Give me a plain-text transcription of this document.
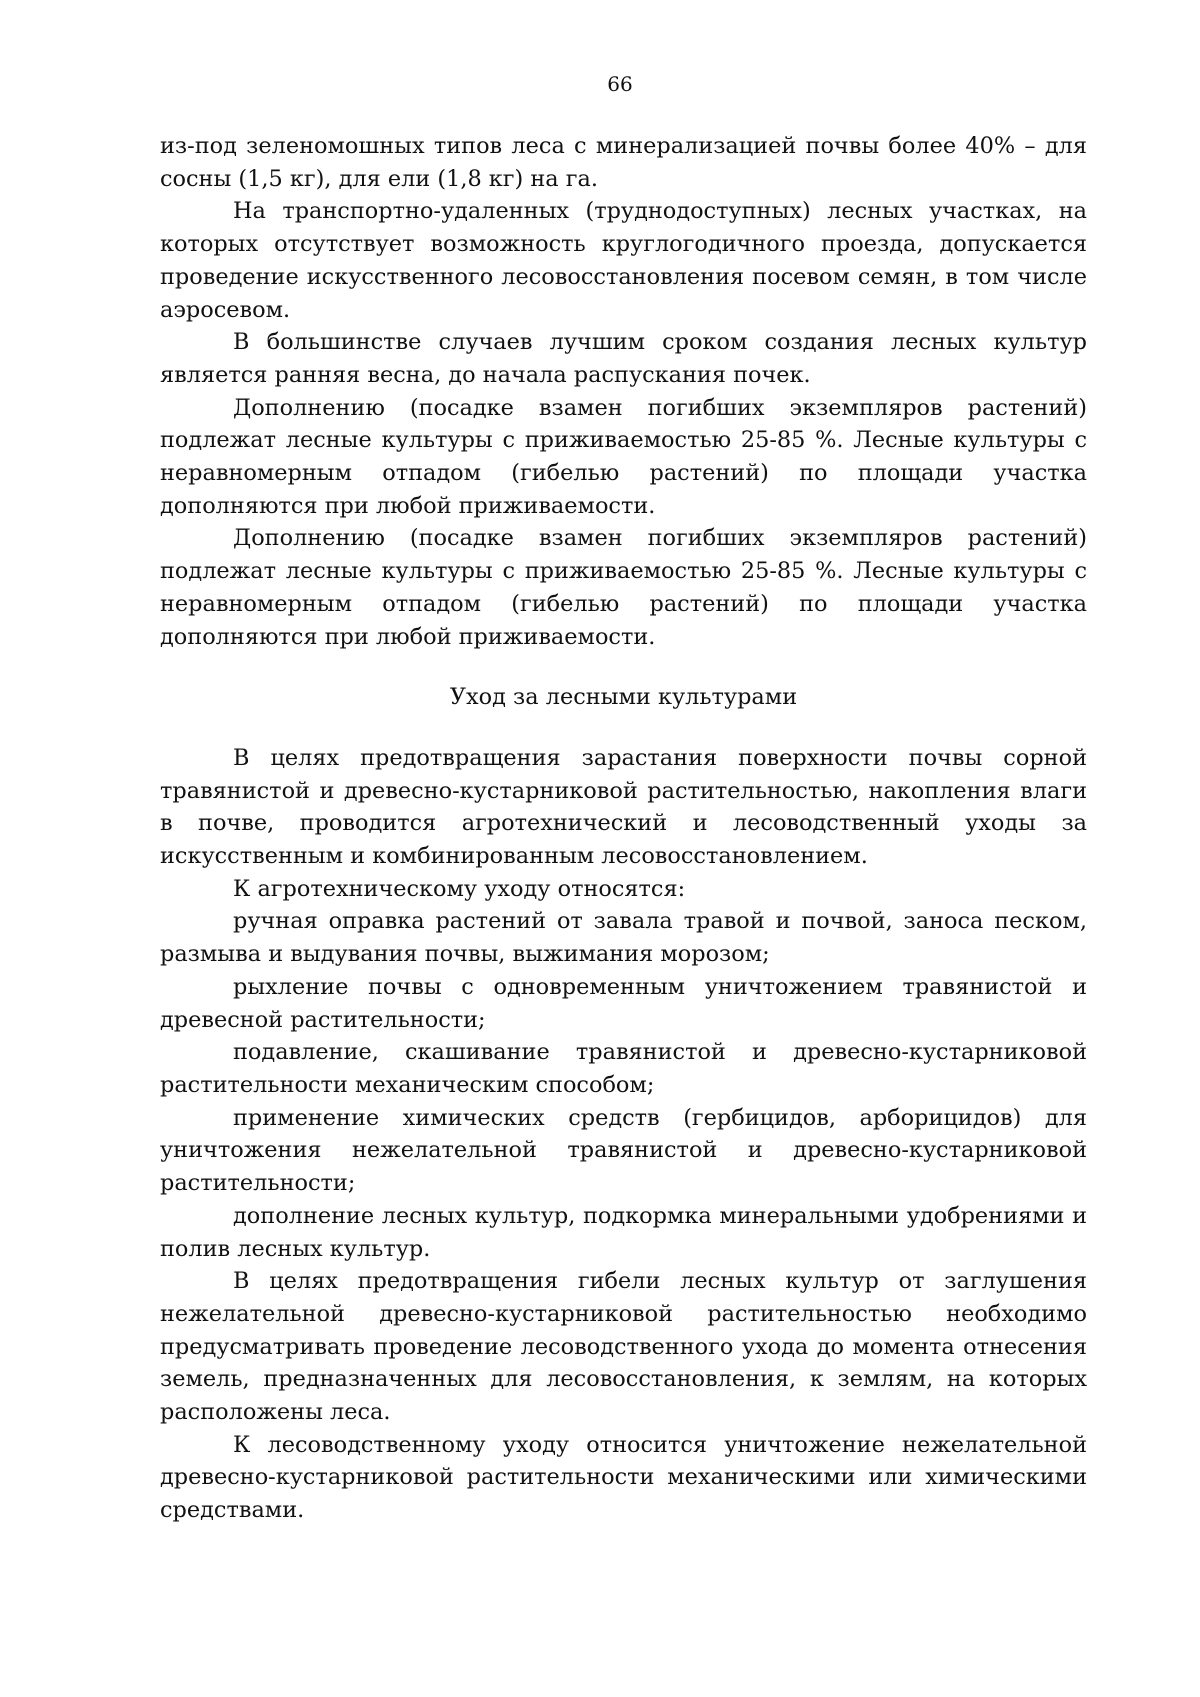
66

из-под зеленомошных типов леса с минерализацией почвы более 40% – для сосны (1,5 кг), для ели (1,8 кг) на га.

На транспортно-удаленных (труднодоступных) лесных участках, на которых отсутствует возможность круглогодичного проезда, допускается проведение искусственного лесовосстановления посевом семян, в том числе аэросевом.

В большинстве случаев лучшим сроком создания лесных культур является ранняя весна, до начала распускания почек.

Дополнению (посадке взамен погибших экземпляров растений) подлежат лесные культуры с приживаемостью 25-85 %. Лесные культуры с неравномерным отпадом (гибелью растений) по площади участка дополняются при любой приживаемости.

Дополнению (посадке взамен погибших экземпляров растений) подлежат лесные культуры с приживаемостью 25-85 %. Лесные культуры с неравномерным отпадом (гибелью растений) по площади участка дополняются при любой приживаемости.

Уход за лесными культурами

В целях предотвращения зарастания поверхности почвы сорной травянистой и древесно-кустарниковой растительностью, накопления влаги в почве, проводится агротехнический и лесоводственный уходы за искусственным и комбинированным лесовосстановлением.

К агротехническому уходу относятся:

ручная оправка растений от завала травой и почвой, заноса песком, размыва и выдувания почвы, выжимания морозом;

рыхление почвы с одновременным уничтожением травянистой и древесной растительности;

подавление, скашивание травянистой и древесно-кустарниковой растительности механическим способом;

применение химических средств (гербицидов, арборицидов) для уничтожения нежелательной травянистой и древесно-кустарниковой растительности;

дополнение лесных культур, подкормка минеральными удобрениями и полив лесных культур.

В целях предотвращения гибели лесных культур от заглушения нежелательной древесно-кустарниковой растительностью необходимо предусматривать проведение лесоводственного ухода до момента отнесения земель, предназначенных для лесовосстановления, к землям, на которых расположены леса.

К лесоводственному уходу относится уничтожение нежелательной древесно-кустарниковой растительности механическими или химическими средствами.
